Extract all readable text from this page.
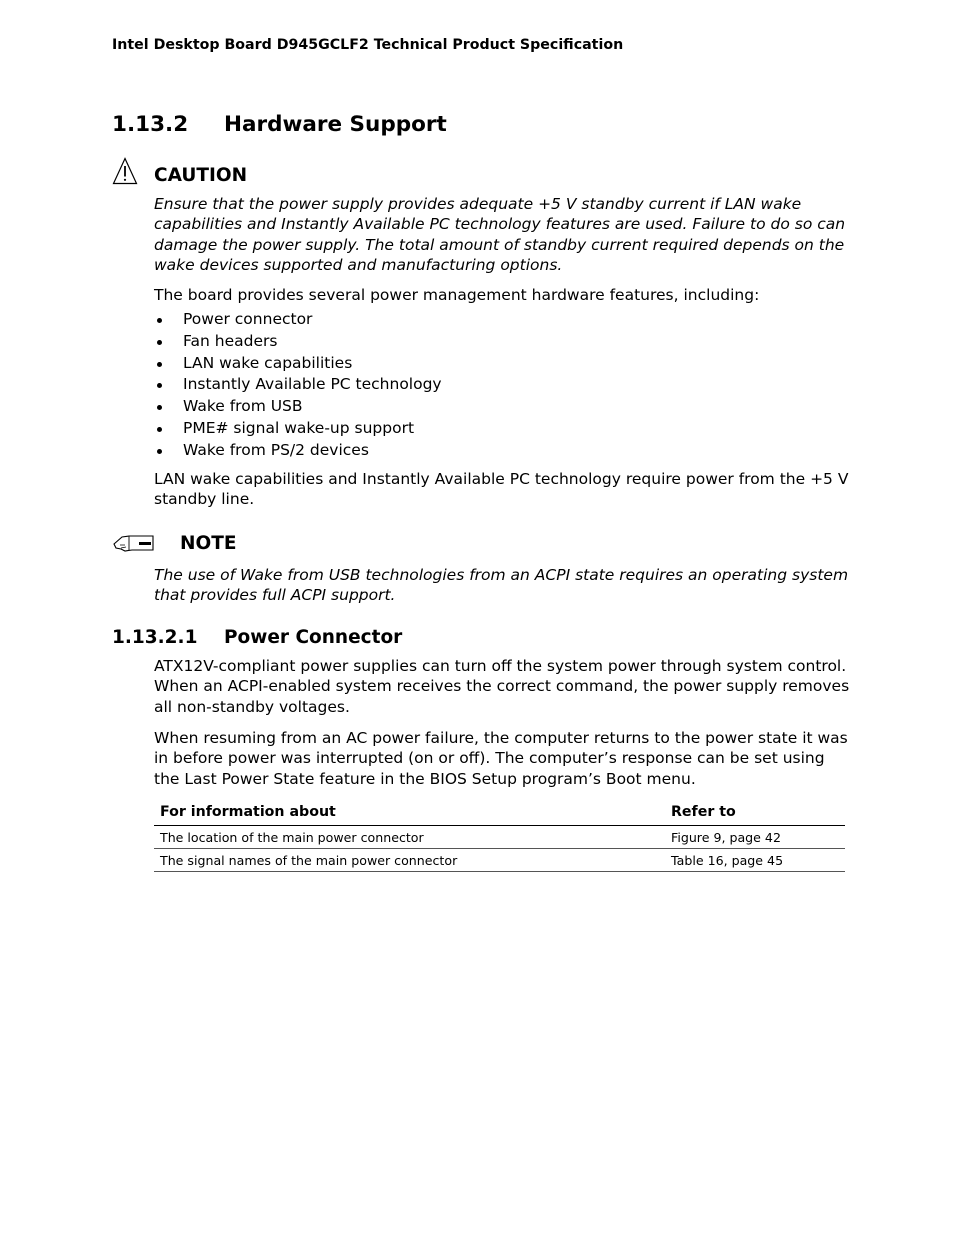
Intel Desktop Board D945GCLF2 Technical Product Specification
1.13.2 Hardware Support
CAUTION
Ensure that the power supply provides adequate +5 V standby current if LAN wake capabilities and Instantly Available PC technology features are used. Failure to do so can damage the power supply. The total amount of standby current required depends on the wake devices supported and manufacturing options.
The board provides several power management hardware features, including:
Power connector
Fan headers
LAN wake capabilities
Instantly Available PC technology
Wake from USB
PME# signal wake-up support
Wake from PS/2 devices
LAN wake capabilities and Instantly Available PC technology require power from the +5 V standby line.
NOTE
The use of Wake from USB technologies from an ACPI state requires an operating system that provides full ACPI support.
1.13.2.1 Power Connector
ATX12V-compliant power supplies can turn off the system power through system control. When an ACPI-enabled system receives the correct command, the power supply removes all non-standby voltages.
When resuming from an AC power failure, the computer returns to the power state it was in before power was interrupted (on or off). The computer’s response can be set using the Last Power State feature in the BIOS Setup program’s Boot menu.
For information about	Refer to
The location of the main power connector	Figure 9, page 42
The signal names of the main power connector	Table 16, page 45
